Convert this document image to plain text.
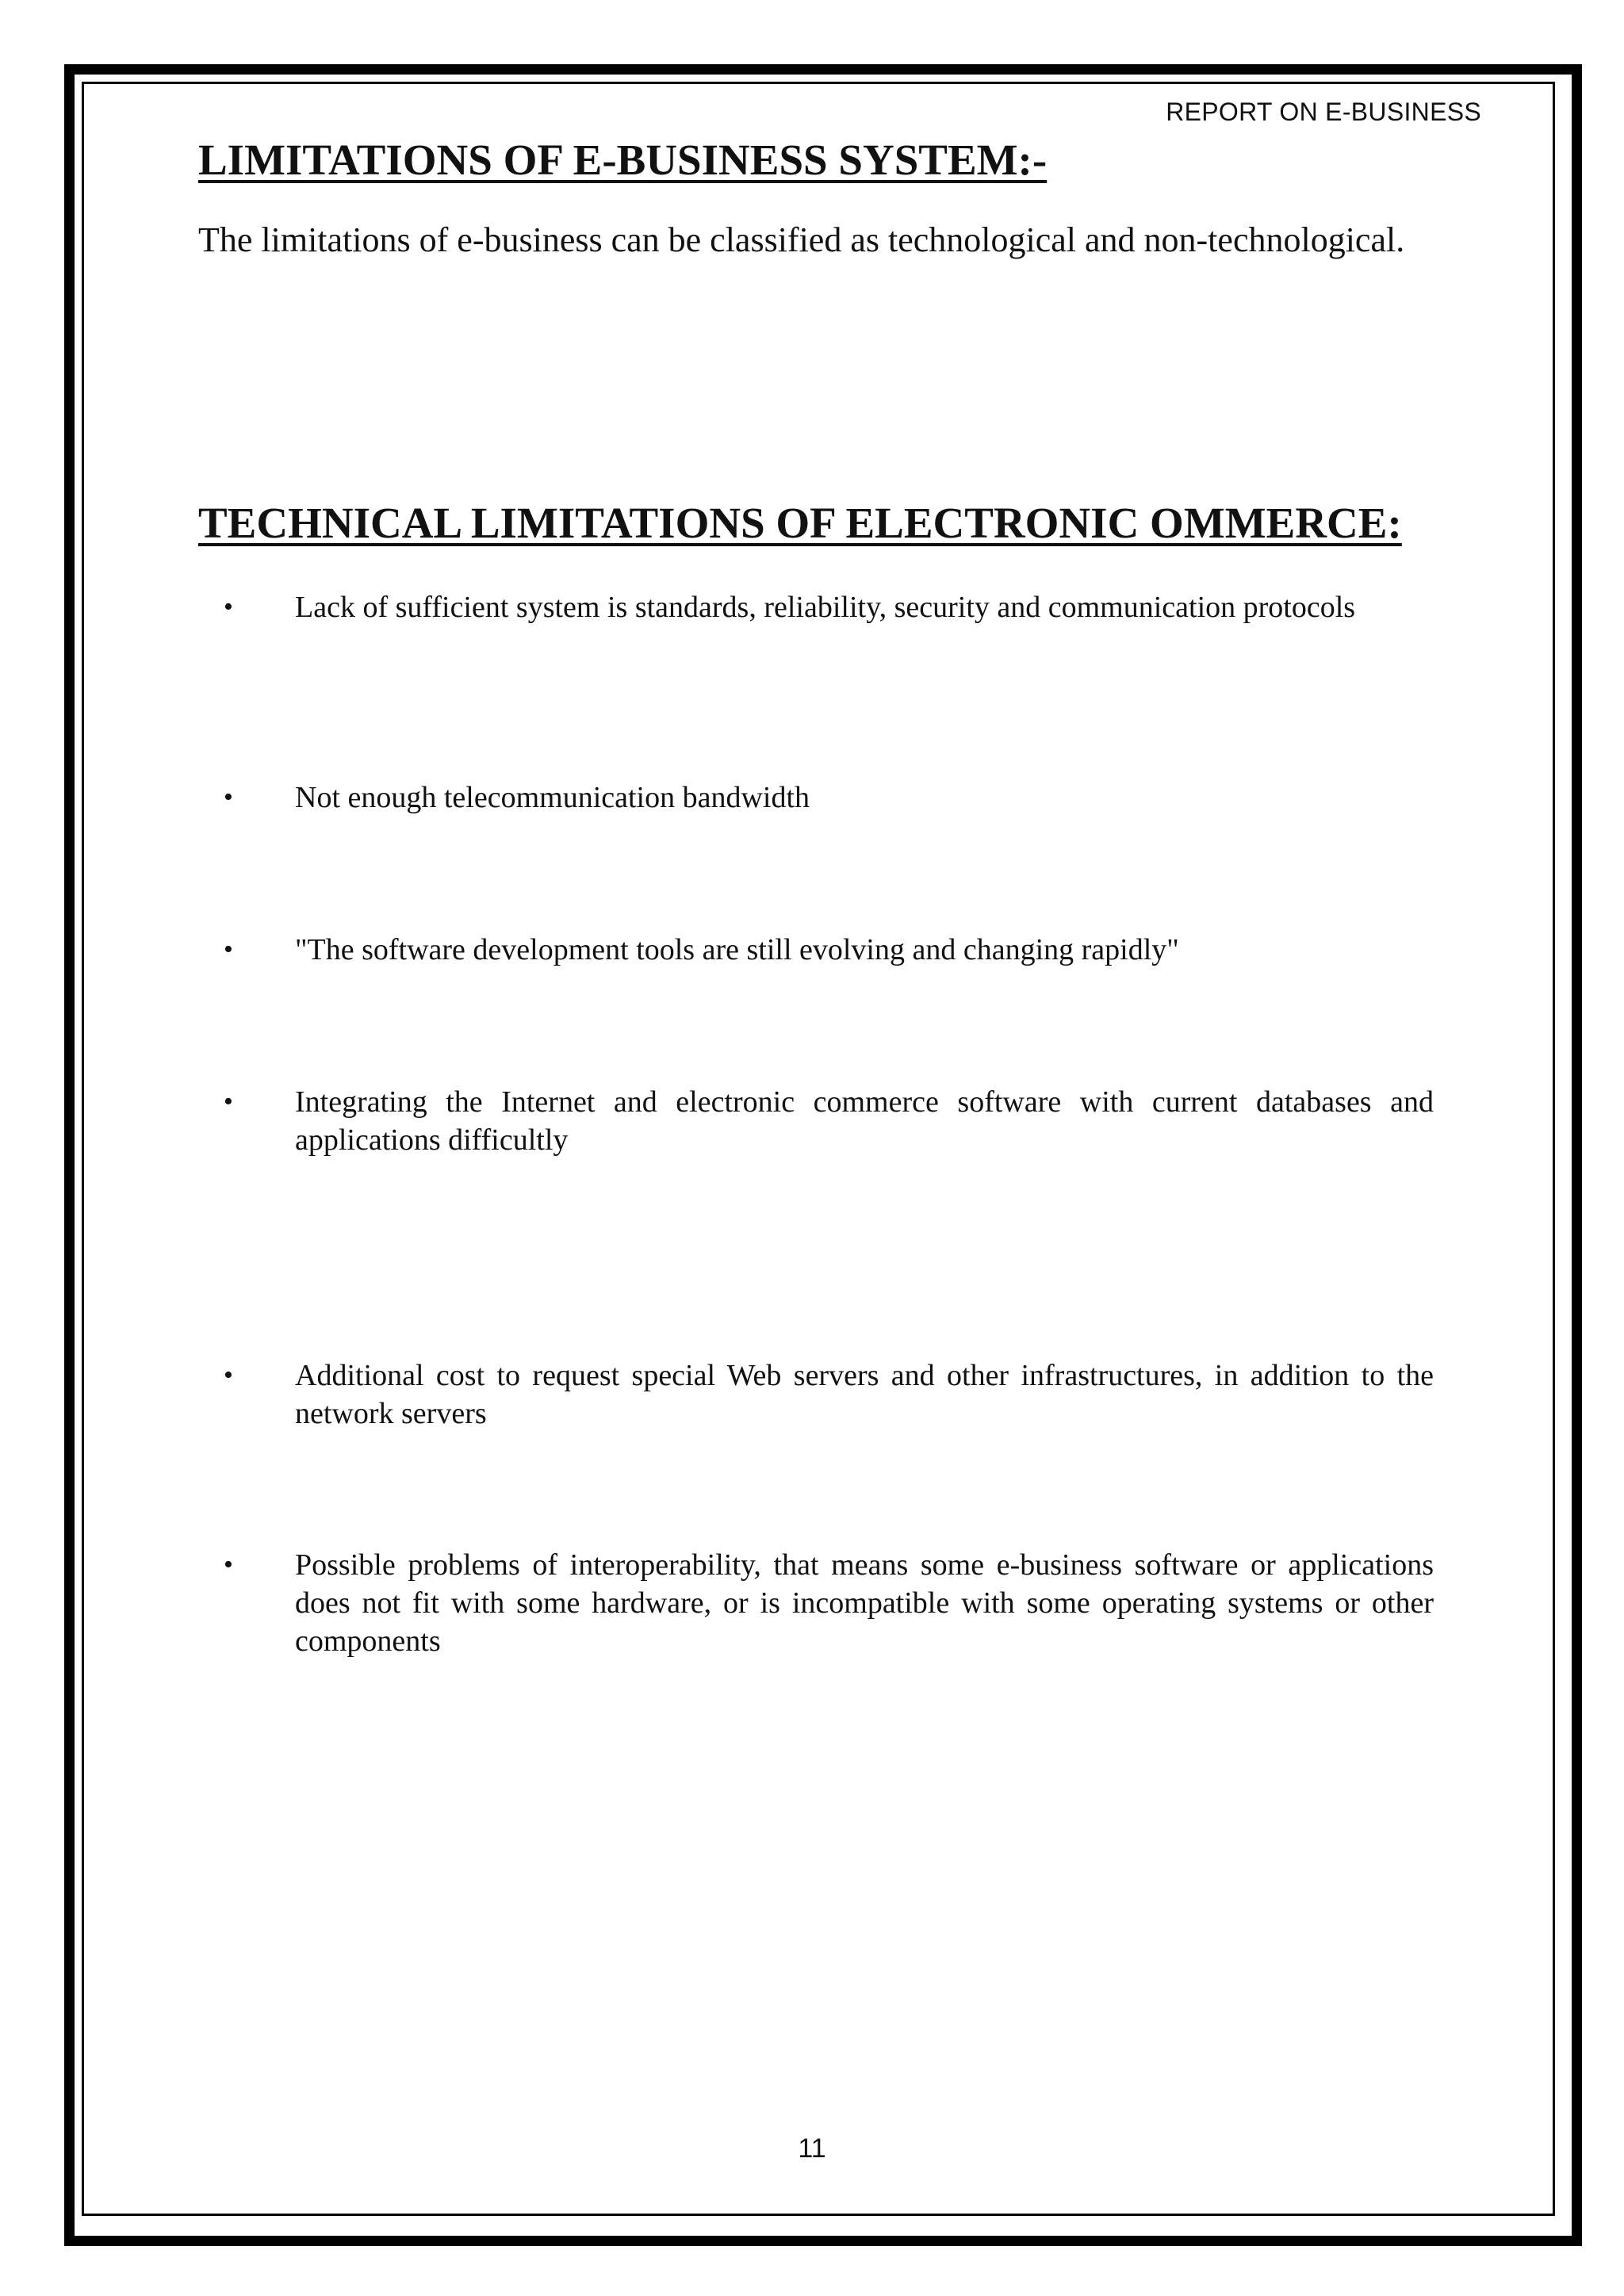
REPORT ON E-BUSINESS
LIMITATIONS OF E-BUSINESS SYSTEM:-

The limitations of e-business can be classified as technological and non-technological.

TECHNICAL LIMITATIONS OF ELECTRONIC OMMERCE:
•	Lack of sufficient system is standards, reliability, security and communication protocols
•	Not enough telecommunication bandwidth
•	"The software development tools are still evolving and changing rapidly"
•	Integrating the Internet and electronic commerce software with current databases and applications difficultly
•	Additional cost to request special Web servers and other infrastructures, in addition to the network servers
•	Possible problems of interoperability, that means some e-business software or applications does not fit with some hardware, or is incompatible with some operating systems or other components
11
